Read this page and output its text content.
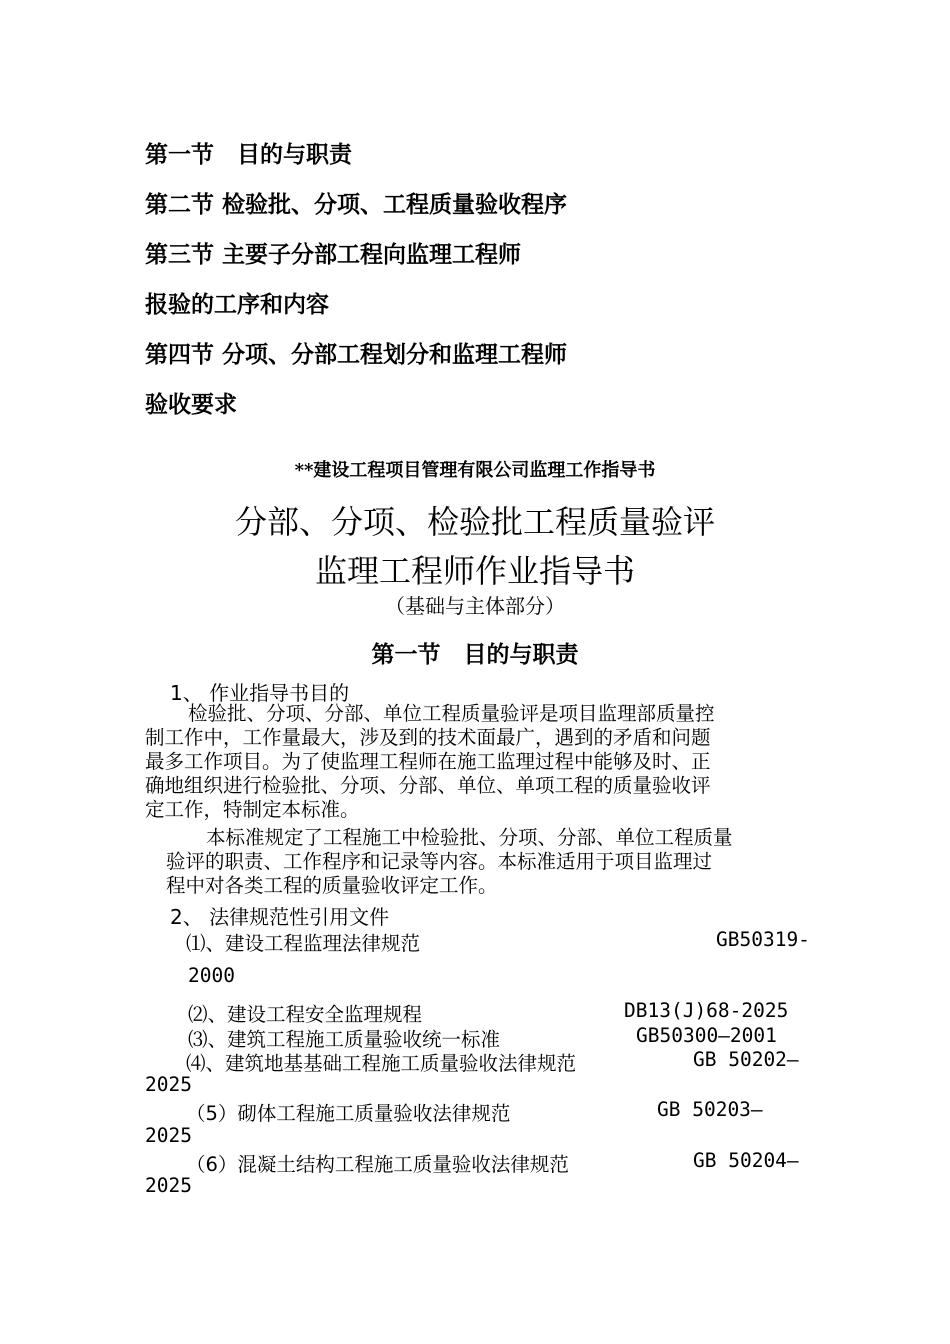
第一节　目的与职责
第二节 检验批、分项、工程质量验收程序
第三节 主要子分部工程向监理工程师
报验的工序和内容
第四节 分项、分部工程划分和监理工程师
验收要求
**建设工程项目管理有限公司监理工作指导书
分部、分项、检验批工程质量验评
监理工程师作业指导书
（基础与主体部分）
第一节　目的与职责
1、 作业指导书目的
检验批、分项、分部、单位工程质量验评是项目监理部质量控
制工作中，工作量最大，涉及到的技术面最广，遇到的矛盾和问题
最多工作项目。为了使监理工程师在施工监理过程中能够及时、正
确地组织进行检验批、分项、分部、单位、单项工程的质量验收评
定工作，特制定本标准。
本标准规定了工程施工中检验批、分项、分部、单位工程质量
验评的职责、工作程序和记录等内容。本标准适用于项目监理过
程中对各类工程的质量验收评定工作。
2、 法律规范性引用文件
⑴、建设工程监理法律规范	GB50319-
2000
⑵、建设工程安全监理规程	DB13(J)68-2025
⑶、建筑工程施工质量验收统一标准	GB50300—2001
⑷、建筑地基基础工程施工质量验收法律规范	GB 50202—
2025
（5）砌体工程施工质量验收法律规范	GB 50203—
2025
（6）混凝土结构工程施工质量验收法律规范	GB 50204—
2025
